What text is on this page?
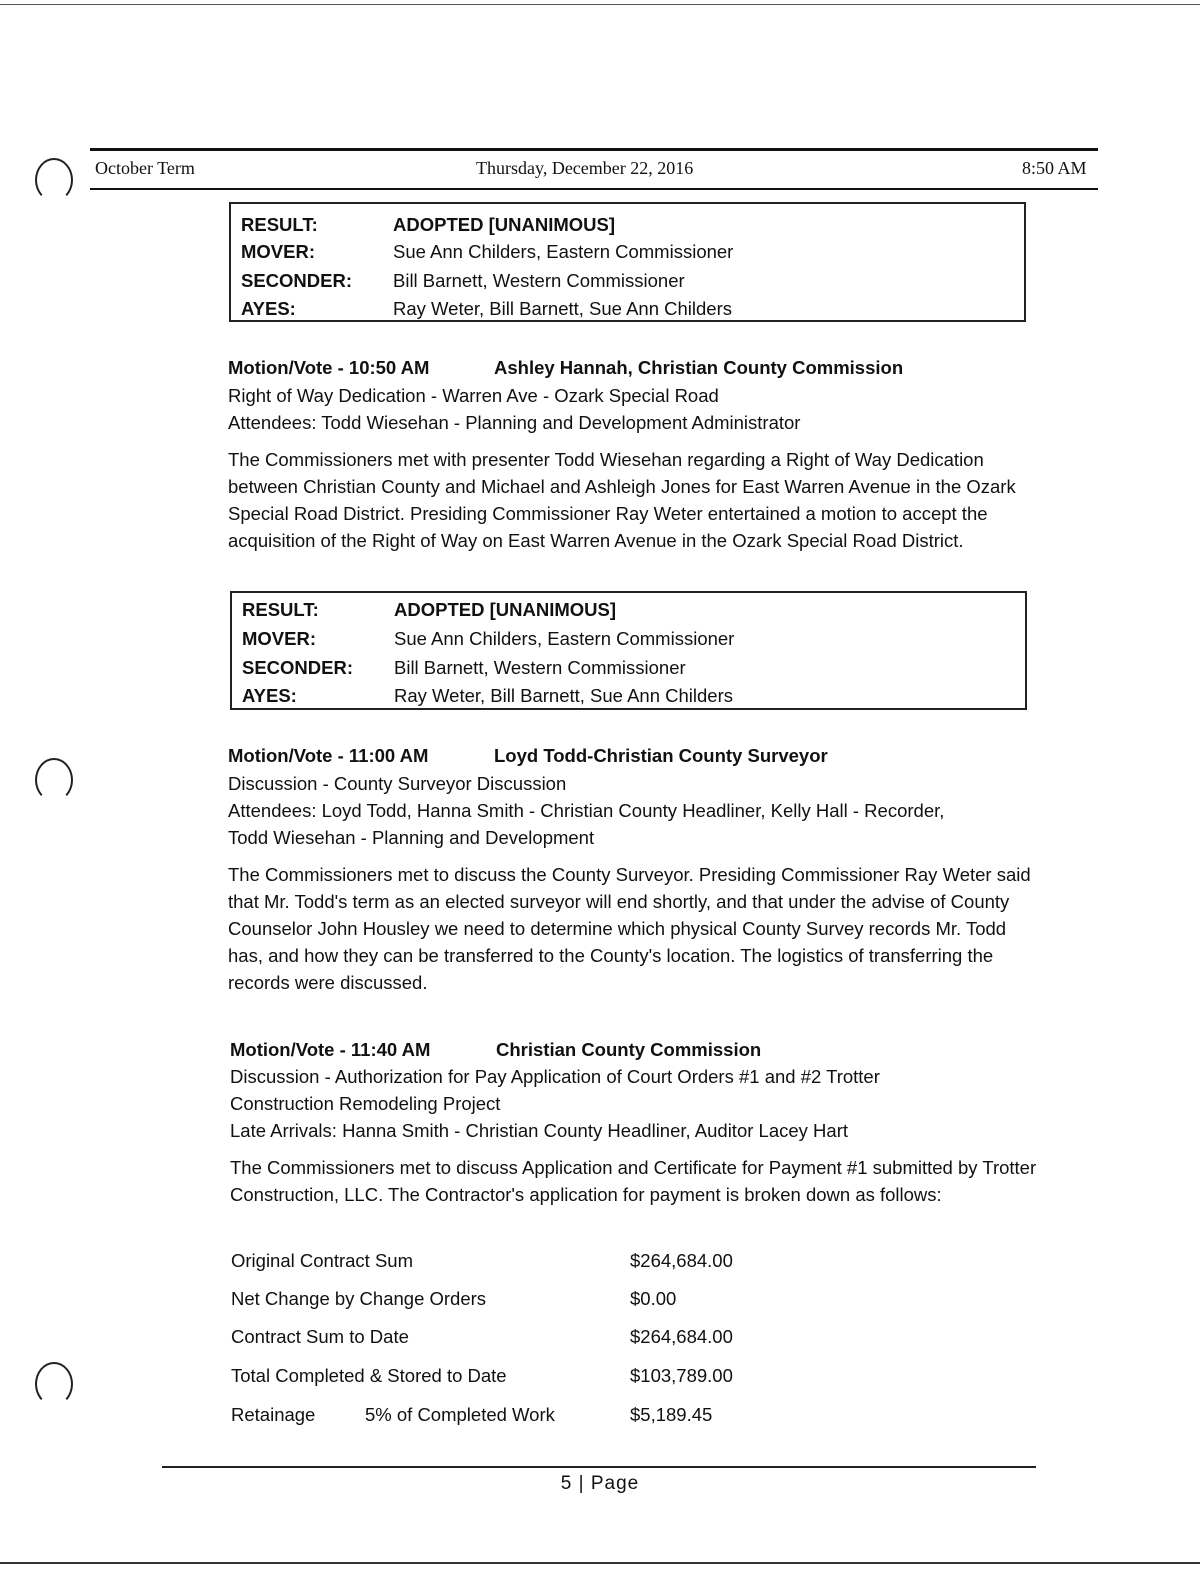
October Term	Thursday, December 22, 2016	8:50 AM
RESULT:	ADOPTED [UNANIMOUS]
MOVER:	Sue Ann Childers, Eastern Commissioner
SECONDER: Bill Barnett, Western Commissioner
AYES:	Ray Weter, Bill Barnett, Sue Ann Childers
Motion/Vote - 10:50 AM	Ashley Hannah, Christian County Commission
Right of Way Dedication - Warren Ave - Ozark Special Road
Attendees: Todd Wiesehan - Planning and Development Administrator
The Commissioners met with presenter Todd Wiesehan regarding a Right of Way Dedication between Christian County and Michael and Ashleigh Jones for East Warren Avenue in the Ozark Special Road District. Presiding Commissioner Ray Weter entertained a motion to accept the acquisition of the Right of Way on East Warren Avenue in the Ozark Special Road District.
RESULT:	ADOPTED [UNANIMOUS]
MOVER:	Sue Ann Childers, Eastern Commissioner
SECONDER: Bill Barnett, Western Commissioner
AYES:	Ray Weter, Bill Barnett, Sue Ann Childers
Motion/Vote - 11:00 AM	Loyd Todd-Christian County Surveyor
Discussion - County Surveyor Discussion
Attendees: Loyd Todd, Hanna Smith - Christian County Headliner, Kelly Hall - Recorder,
Todd Wiesehan - Planning and Development
The Commissioners met to discuss the County Surveyor. Presiding Commissioner Ray Weter said that Mr. Todd's term as an elected surveyor will end shortly, and that under the advise of County Counselor John Housley we need to determine which physical County Survey records Mr. Todd has, and how they can be transferred to the County's location. The logistics of transferring the records were discussed.
Motion/Vote - 11:40 AM	Christian County Commission
Discussion - Authorization for Pay Application of Court Orders #1 and #2 Trotter
Construction Remodeling Project
Late Arrivals: Hanna Smith - Christian County Headliner, Auditor Lacey Hart
The Commissioners met to discuss Application and Certificate for Payment #1 submitted by Trotter Construction, LLC. The Contractor's application for payment is broken down as follows:
Original Contract Sum	$264,684.00
Net Change by Change Orders	$0.00
Contract Sum to Date	$264,684.00
Total Completed & Stored to Date	$103,789.00
Retainage	5% of Completed Work	$5,189.45
5 | Page
